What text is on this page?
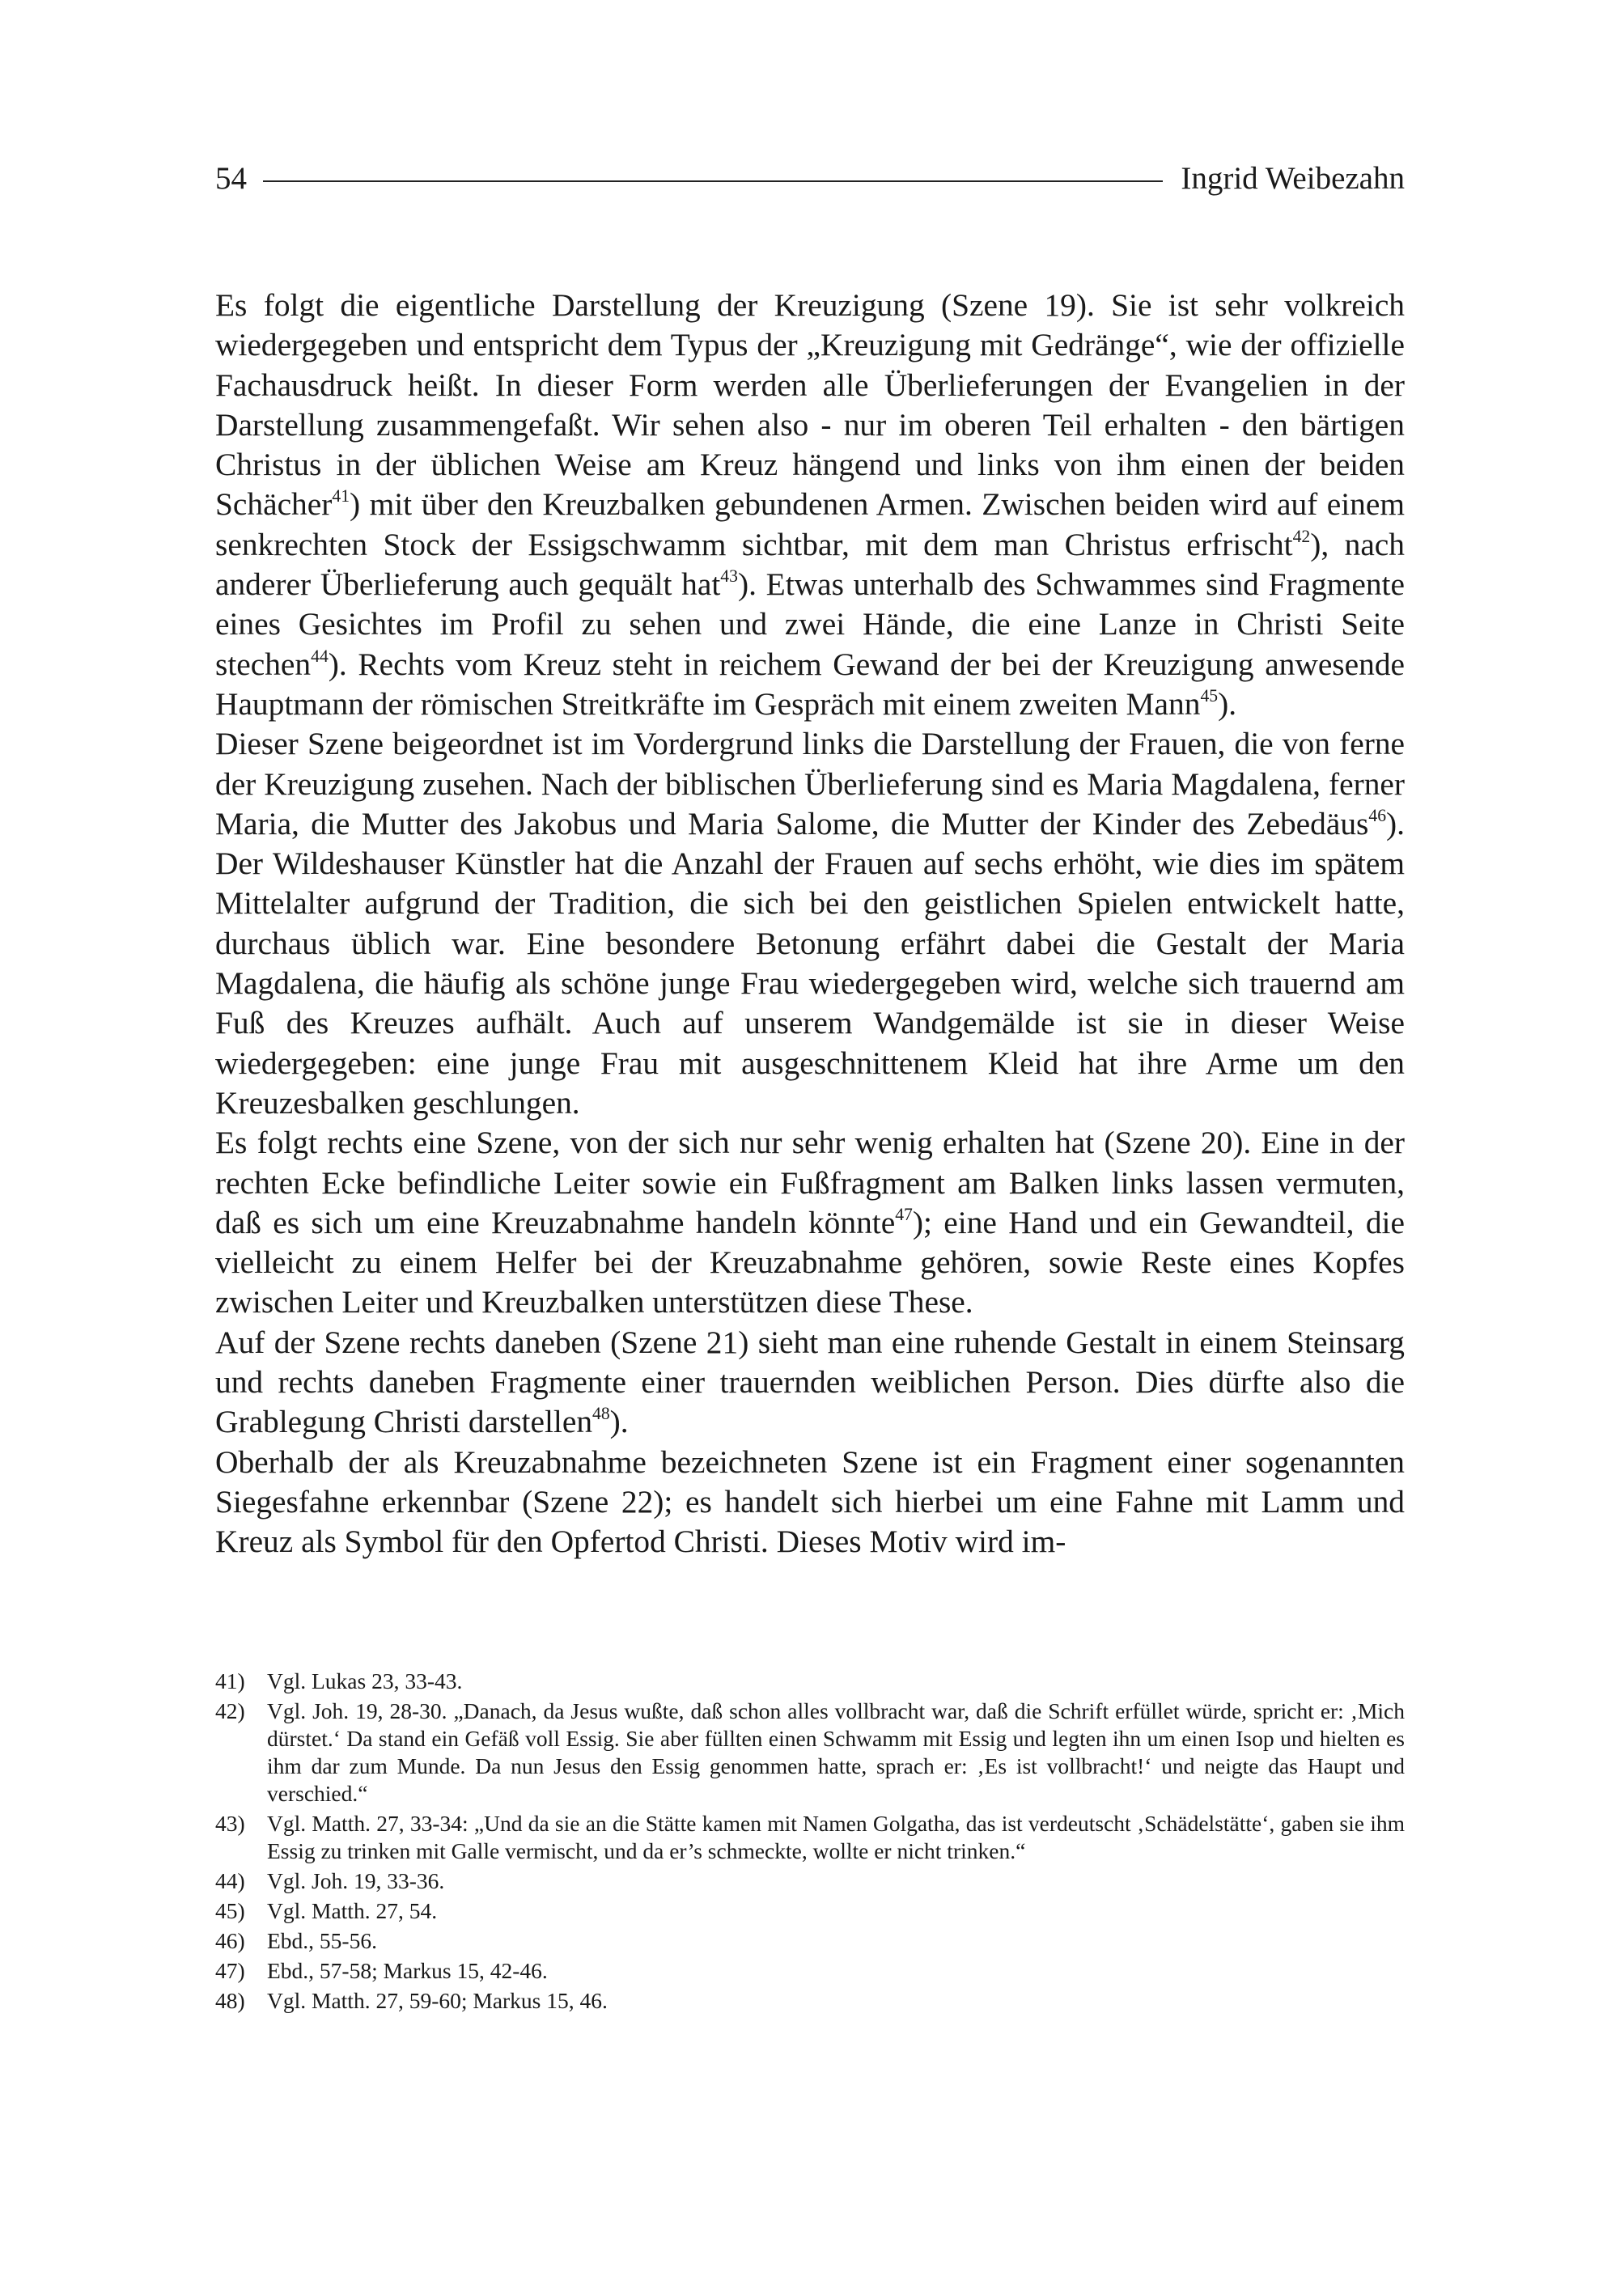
54	Ingrid Weibezahn

Es folgt die eigentliche Darstellung der Kreuzigung (Szene 19). Sie ist sehr volkreich wiedergegeben und entspricht dem Typus der „Kreuzigung mit Gedränge“, wie der offizielle Fachausdruck heißt. In dieser Form werden alle Überlieferungen der Evangelien in der Darstellung zusammengefaßt. Wir sehen also - nur im oberen Teil erhalten - den bärtigen Christus in der üblichen Weise am Kreuz hängend und links von ihm einen der beiden Schächer$^{41}$) mit über den Kreuzbalken gebundenen Armen. Zwischen beiden wird auf einem senkrechten Stock der Essigschwamm sichtbar, mit dem man Christus erfrischt$^{42}$), nach anderer Überlieferung auch gequält hat$^{43}$). Etwas unterhalb des Schwammes sind Fragmente eines Gesichtes im Profil zu sehen und zwei Hände, die eine Lanze in Christi Seite stechen$^{44}$). Rechts vom Kreuz steht in reichem Gewand der bei der Kreuzigung anwesende Hauptmann der römischen Streitkräfte im Gespräch mit einem zweiten Mann$^{45}$).

Dieser Szene beigeordnet ist im Vordergrund links die Darstellung der Frauen, die von ferne der Kreuzigung zusehen. Nach der biblischen Überlieferung sind es Maria Magdalena, ferner Maria, die Mutter des Jakobus und Maria Salome, die Mutter der Kinder des Zebedäus$^{46}$). Der Wildeshauser Künstler hat die Anzahl der Frauen auf sechs erhöht, wie dies im spätem Mittelalter aufgrund der Tradition, die sich bei den geistlichen Spielen entwickelt hatte, durchaus üblich war. Eine besondere Betonung erfährt dabei die Gestalt der Maria Magdalena, die häufig als schöne junge Frau wiedergegeben wird, welche sich trauernd am Fuß des Kreuzes aufhält. Auch auf unserem Wandgemälde ist sie in dieser Weise wiedergegeben: eine junge Frau mit ausgeschnittenem Kleid hat ihre Arme um den Kreuzesbalken geschlungen.

Es folgt rechts eine Szene, von der sich nur sehr wenig erhalten hat (Szene 20). Eine in der rechten Ecke befindliche Leiter sowie ein Fußfragment am Balken links lassen vermuten, daß es sich um eine Kreuzabnahme handeln könnte$^{47}$); eine Hand und ein Gewandteil, die vielleicht zu einem Helfer bei der Kreuzabnahme gehören, sowie Reste eines Kopfes zwischen Leiter und Kreuzbalken unterstützen diese These.

Auf der Szene rechts daneben (Szene 21) sieht man eine ruhende Gestalt in einem Steinsarg und rechts daneben Fragmente einer trauernden weiblichen Person. Dies dürfte also die Grablegung Christi darstellen$^{48}$).

Oberhalb der als Kreuzabnahme bezeichneten Szene ist ein Fragment einer sogenannten Siegesfahne erkennbar (Szene 22); es handelt sich hierbei um eine Fahne mit Lamm und Kreuz als Symbol für den Opfertod Christi. Dieses Motiv wird im-

41) Vgl. Lukas 23, 33-43.
42) Vgl. Joh. 19, 28-30. „Danach, da Jesus wußte, daß schon alles vollbracht war, daß die Schrift erfüllet würde, spricht er: ‚Mich dürstet.‘ Da stand ein Gefäß voll Essig. Sie aber füllten einen Schwamm mit Essig und legten ihn um einen Isop und hielten es ihm dar zum Munde. Da nun Jesus den Essig genommen hatte, sprach er: ‚Es ist vollbracht!‘ und neigte das Haupt und verschied.“
43) Vgl. Matth. 27, 33-34: „Und da sie an die Stätte kamen mit Namen Golgatha, das ist verdeutscht ‚Schädelstätte‘, gaben sie ihm Essig zu trinken mit Galle vermischt, und da er’s schmeckte, wollte er nicht trinken.“
44) Vgl. Joh. 19, 33-36.
45) Vgl. Matth. 27, 54.
46) Ebd., 55-56.
47) Ebd., 57-58; Markus 15, 42-46.
48) Vgl. Matth. 27, 59-60; Markus 15, 46.
